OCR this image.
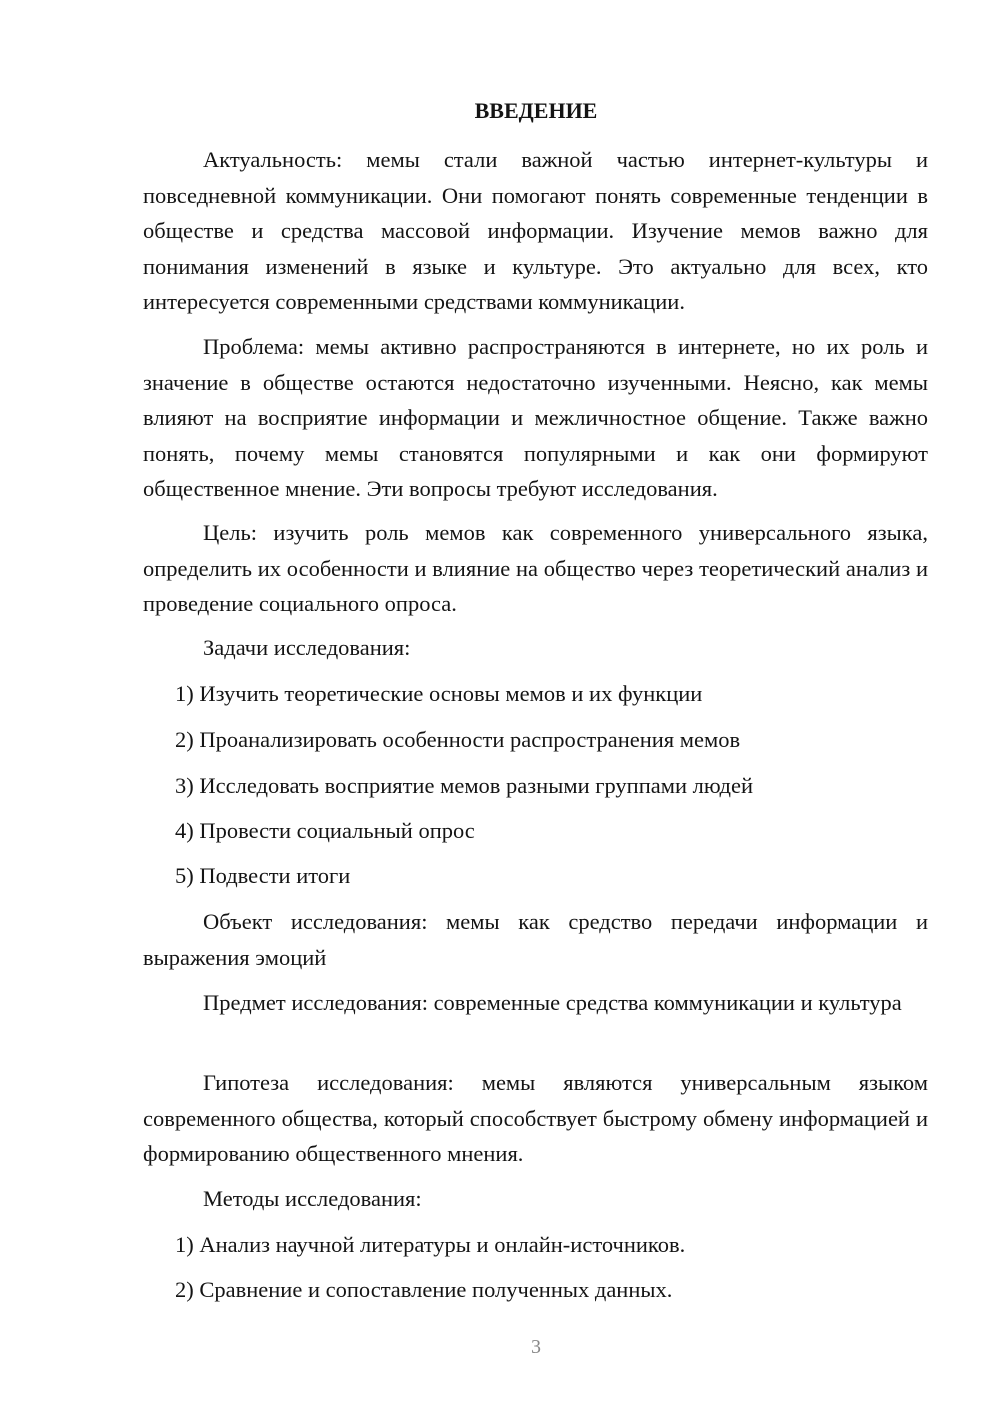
ВВЕДЕНИЕ

Актуальность: мемы стали важной частью интернет-культуры и повседневной коммуникации. Они помогают понять современные тенденции в обществе и средства массовой информации. Изучение мемов важно для понимания изменений в языке и культуре. Это актуально для всех, кто интересуется современными средствами коммуникации.

Проблема: мемы активно распространяются в интернете, но их роль и значение в обществе остаются недостаточно изученными. Неясно, как мемы влияют на восприятие информации и межличностное общение. Также важно понять, почему мемы становятся популярными и как они формируют общественное мнение. Эти вопросы требуют исследования.

Цель: изучить роль мемов как современного универсального языка, определить их особенности и влияние на общество через теоретический анализ и проведение социального опроса.

Задачи исследования:
1) Изучить теоретические основы мемов и их функции
2) Проанализировать особенности распространения мемов
3) Исследовать восприятие мемов разными группами людей
4) Провести социальный опрос
5) Подвести итоги

Объект исследования: мемы как средство передачи информации и выражения эмоций

Предмет исследования: современные средства коммуникации и культура

Гипотеза исследования: мемы являются универсальным языком современного общества, который способствует быстрому обмену информацией и формированию общественного мнения.

Методы исследования:
1) Анализ научной литературы и онлайн-источников.
2) Сравнение и сопоставление полученных данных.
3
